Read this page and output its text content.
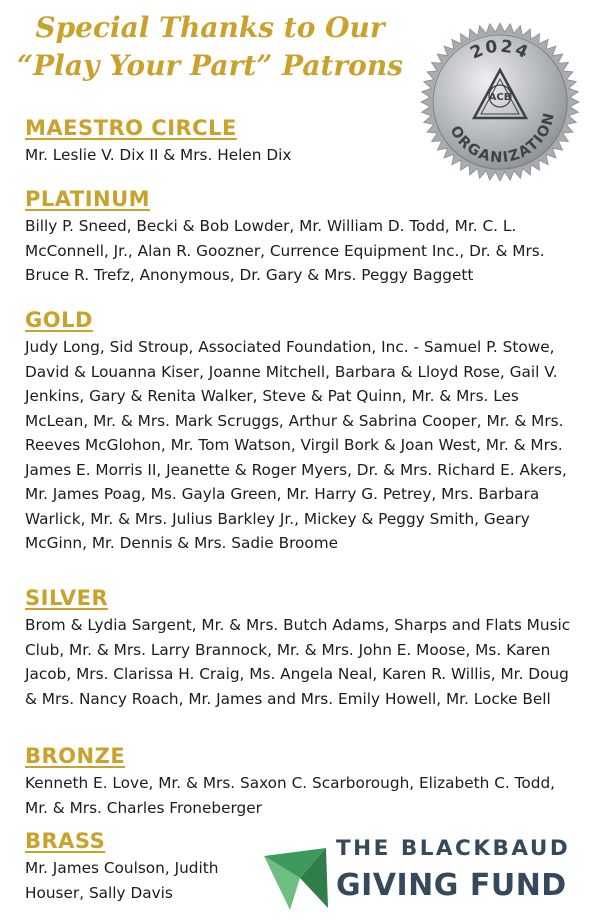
Special Thanks to Our
“Play Your Part” Patrons	2024
ORGANIZATION
ACB
MAESTRO CIRCLE
Mr. Leslie V. Dix II & Mrs. Helen Dix
PLATINUM
Billy P. Sneed, Becki & Bob Lowder, Mr. William D. Todd, Mr. C. L. McConnell, Jr., Alan R. Goozner, Currence Equipment Inc., Dr. & Mrs. Bruce R. Trefz, Anonymous, Dr. Gary & Mrs. Peggy Baggett
GOLD
Judy Long, Sid Stroup, Associated Foundation, Inc. - Samuel P. Stowe, David & Louanna Kiser, Joanne Mitchell, Barbara & Lloyd Rose, Gail V. Jenkins, Gary & Renita Walker, Steve & Pat Quinn, Mr. & Mrs. Les McLean, Mr. & Mrs. Mark Scruggs, Arthur & Sabrina Cooper, Mr. & Mrs. Reeves McGlohon, Mr. Tom Watson, Virgil Bork & Joan West, Mr. & Mrs. James E. Morris II, Jeanette & Roger Myers, Dr. & Mrs. Richard E. Akers, Mr. James Poag, Ms. Gayla Green, Mr. Harry G. Petrey, Mrs. Barbara Warlick, Mr. & Mrs. Julius Barkley Jr., Mickey & Peggy Smith, Geary McGinn, Mr. Dennis & Mrs. Sadie Broome
SILVER
Brom & Lydia Sargent, Mr. & Mrs. Butch Adams, Sharps and Flats Music Club, Mr. & Mrs. Larry Brannock, Mr. & Mrs. John E. Moose, Ms. Karen Jacob, Mrs. Clarissa H. Craig, Ms. Angela Neal, Karen R. Willis, Mr. Doug & Mrs. Nancy Roach, Mr. James and Mrs. Emily Howell, Mr. Locke Bell
BRONZE
Kenneth E. Love, Mr. & Mrs. Saxon C. Scarborough, Elizabeth C. Todd, Mr. & Mrs. Charles Froneberger
BRASS
Mr. James Coulson, Judith Houser, Sally Davis
THE BLACKBAUD
GIVING FUND
